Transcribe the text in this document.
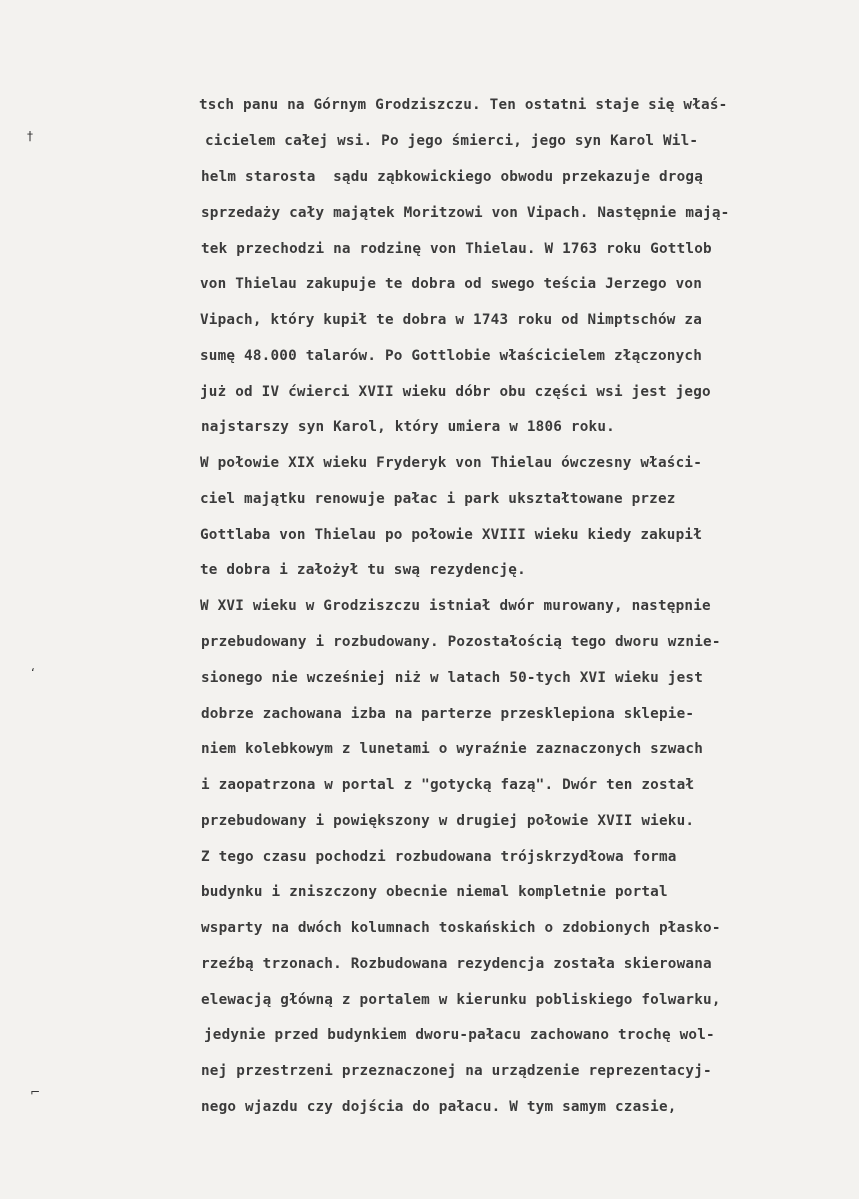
tsch panu na Górnym Grodziszczu. Ten ostatni staje się właś-
cicielem całej wsi. Po jego śmierci, jego syn Karol Wil-
helm starosta  sądu ząbkowickiego obwodu przekazuje drogą
sprzedaży cały majątek Moritzowi von Vipach. Następnie mają-
tek przechodzi na rodzinę von Thielau. W 1763 roku Gottlob
von Thielau zakupuje te dobra od swego teścia Jerzego von
Vipach, który kupił te dobra w 1743 roku od Nimptschów za
sumę 48.000 talarów. Po Gottlobie właścicielem złączonych
już od IV ćwierci XVII wieku dóbr obu części wsi jest jego
najstarszy syn Karol, który umiera w 1806 roku.
W połowie XIX wieku Fryderyk von Thielau ówczesny właści-
ciel majątku renowuje pałac i park ukształtowane przez
Gottlaba von Thielau po połowie XVIII wieku kiedy zakupił
te dobra i założył tu swą rezydencję.
W XVI wieku w Grodziszczu istniał dwór murowany, następnie
przebudowany i rozbudowany. Pozostałością tego dworu wznie-
sionego nie wcześniej niż w latach 50-tych XVI wieku jest
dobrze zachowana izba na parterze przesklepiona sklepie-
niem kolebkowym z lunetami o wyraźnie zaznaczonych szwach
i zaopatrzona w portal z "gotycką fazą". Dwór ten został
przebudowany i powiększony w drugiej połowie XVII wieku.
Z tego czasu pochodzi rozbudowana trójskrzydłowa forma
budynku i zniszczony obecnie niemal kompletnie portal
wsparty na dwóch kolumnach toskańskich o zdobionych płasko-
rzeźbą trzonach. Rozbudowana rezydencja została skierowana
elewacją główną z portalem w kierunku pobliskiego folwarku,
jedynie przed budynkiem dworu-pałacu zachowano trochę wol-
nej przestrzeni przeznaczonej na urządzenie reprezentacyj-
nego wjazdu czy dojścia do pałacu. W tym samym czasie,
†
‘
⌐
